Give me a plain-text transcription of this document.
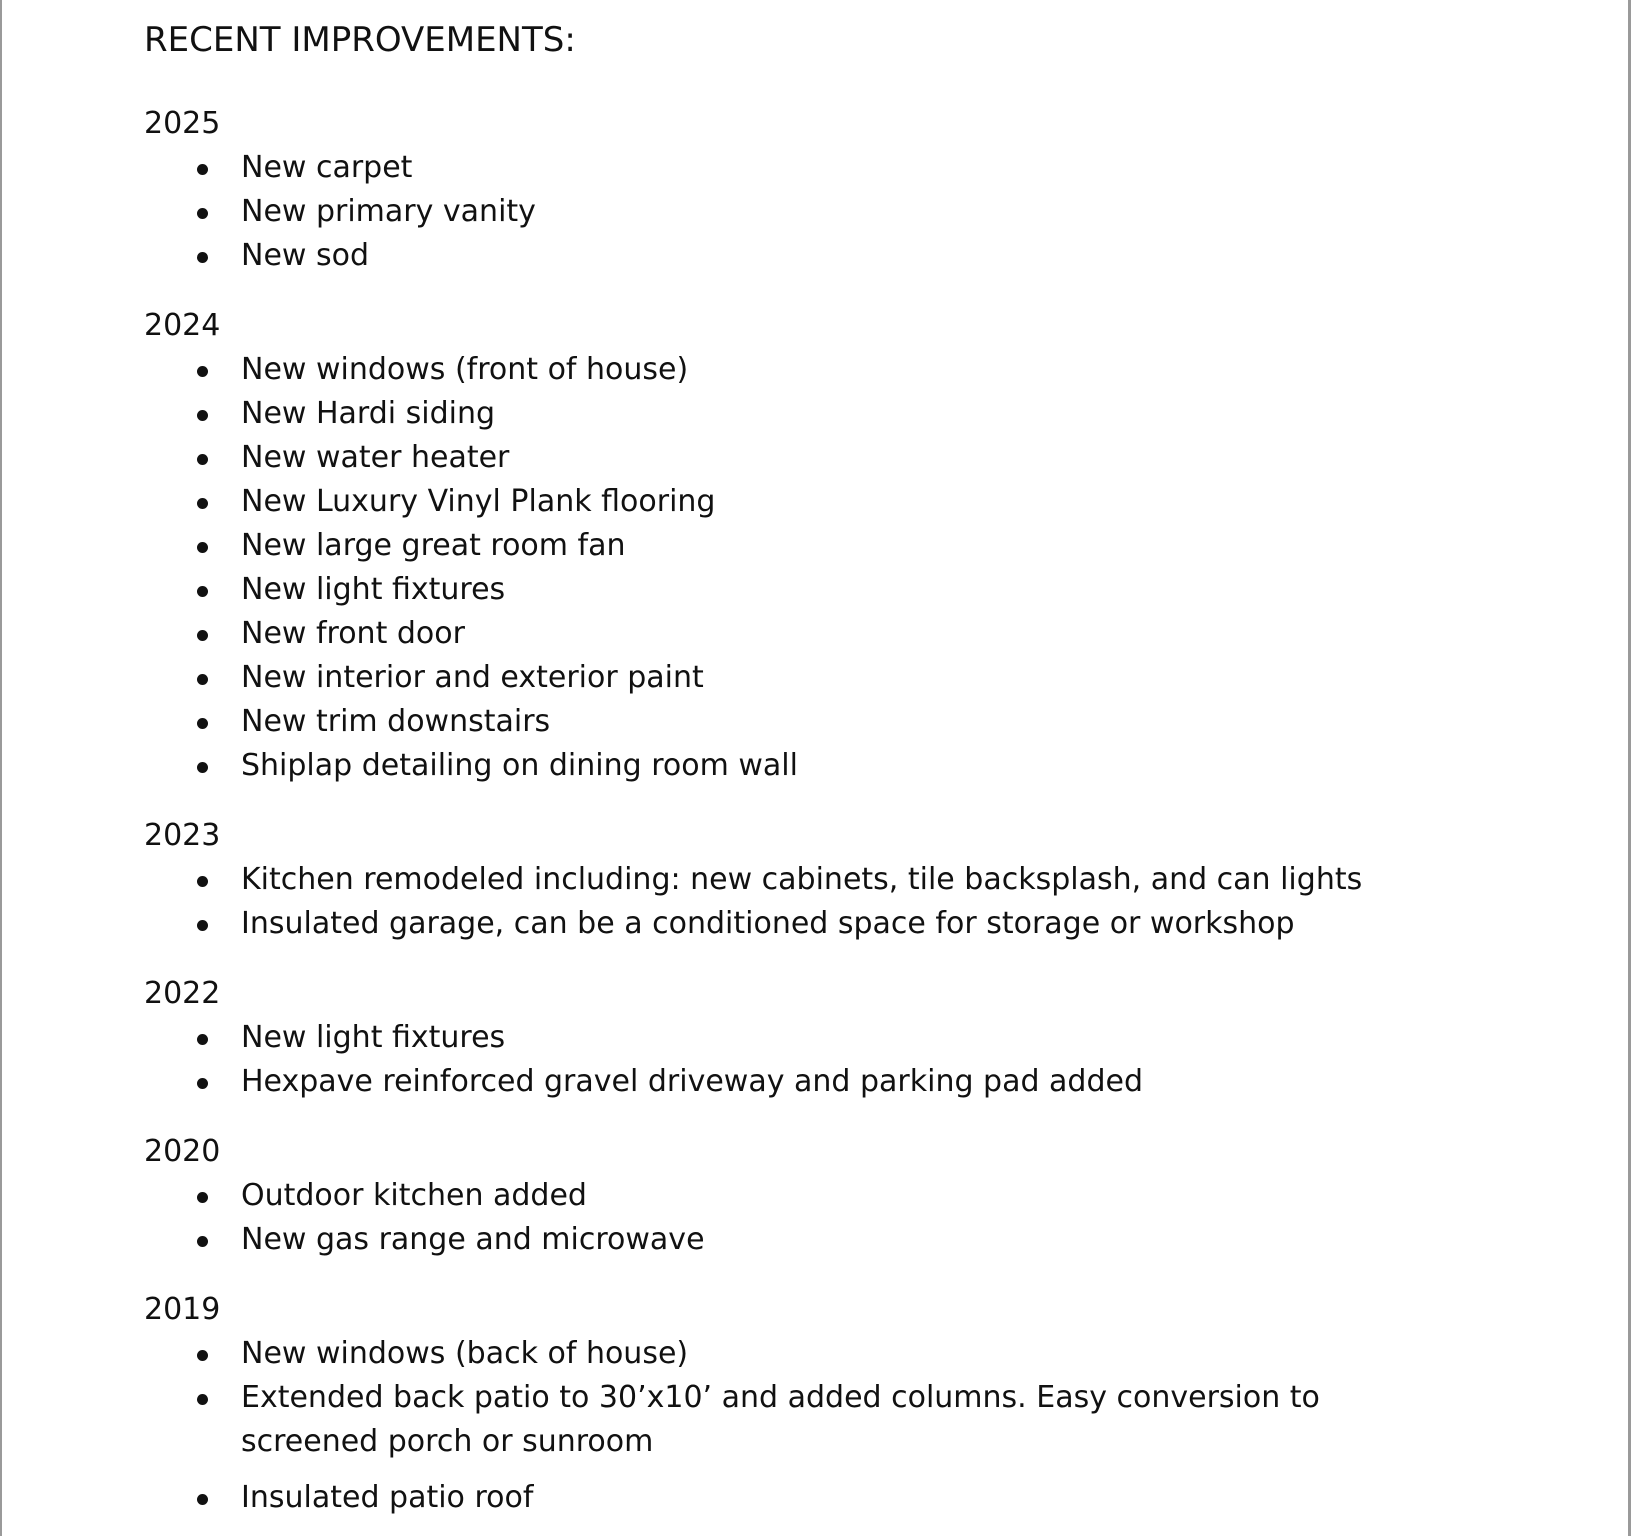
RECENT IMPROVEMENTS:
2025
New carpet
New primary vanity
New sod
2024
New windows (front of house)
New Hardi siding
New water heater
New Luxury Vinyl Plank flooring
New large great room fan
New light fixtures
New front door
New interior and exterior paint
New trim downstairs
Shiplap detailing on dining room wall
2023
Kitchen remodeled including: new cabinets, tile backsplash, and can lights
Insulated garage, can be a conditioned space for storage or workshop
2022
New light fixtures
Hexpave reinforced gravel driveway and parking pad added
2020
Outdoor kitchen added
New gas range and microwave
2019
New windows (back of house)
Extended back patio to 30’x10’ and added columns. Easy conversion to screened porch or sunroom
Insulated patio roof
